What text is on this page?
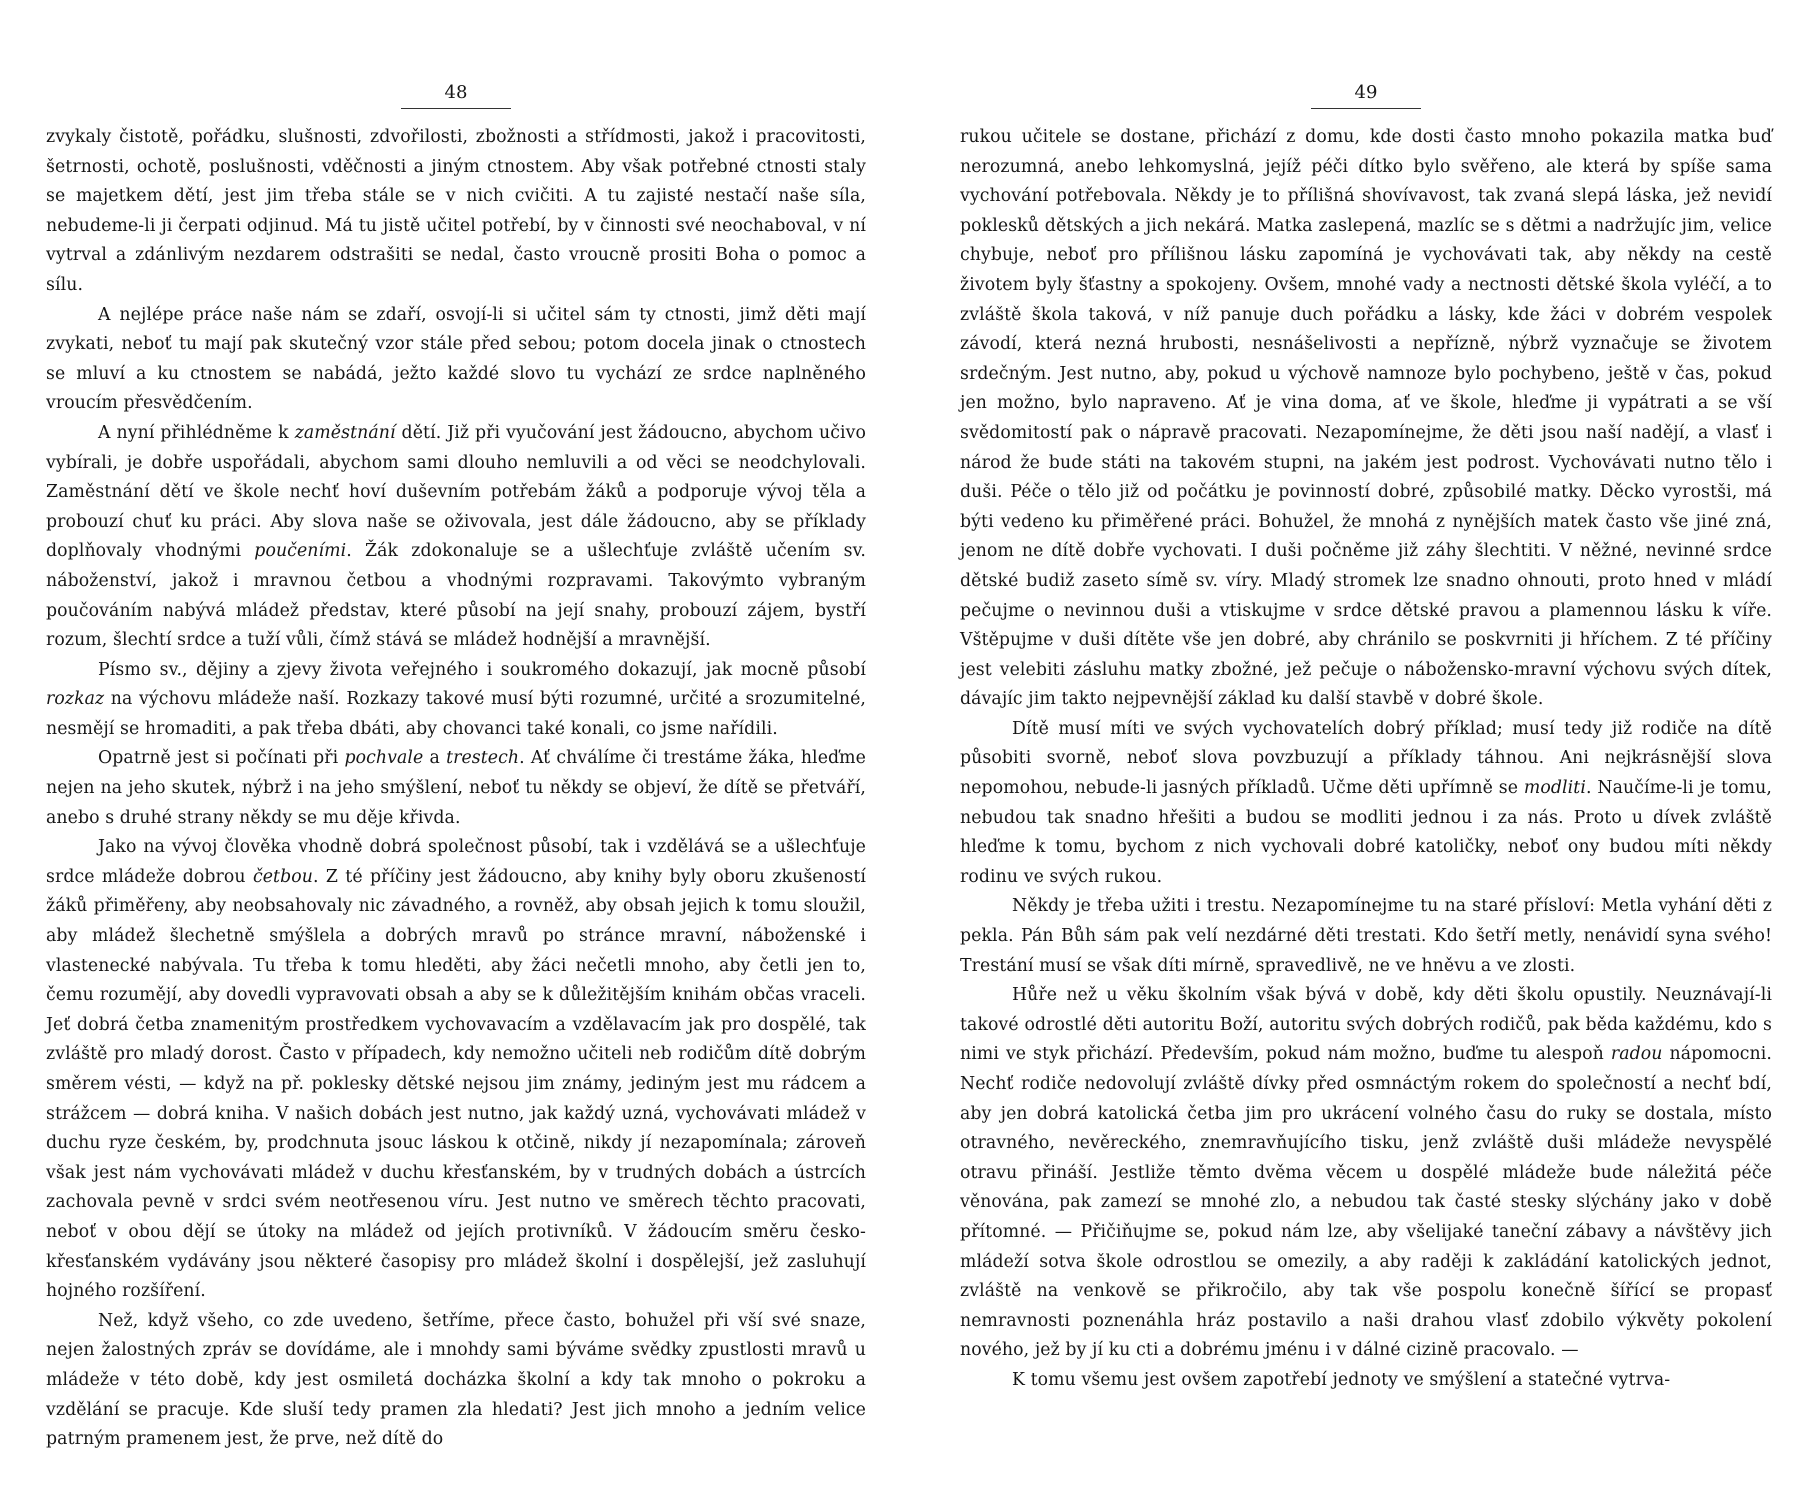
48

zvykaly čistotě, pořádku, slušnosti, zdvořilosti, zbožnosti a střídmosti, jakož i pracovitosti, šetrnosti, ochotě, poslušnosti, vděčnosti a jiným ctnostem. Aby však potřebné ctnosti staly se majetkem dětí, jest jim třeba stále se v nich cvičiti. A tu zajisté nestačí naše síla, nebudeme-li ji čerpati odjinud. Má tu jistě učitel potřebí, by v činnosti své neochaboval, v ní vytrval a zdánlivým nezdarem odstrašiti se nedal, často vroucně prositi Boha o pomoc a sílu.

A nejlépe práce naše nám se zdaří, osvojí-li si učitel sám ty ctnosti, jimž děti mají zvykati, neboť tu mají pak skutečný vzor stále před sebou; potom docela jinak o ctnostech se mluví a ku ctnostem se nabádá, ježto každé slovo tu vychází ze srdce naplněného vroucím přesvědčením.

A nyní přihlédněme k zaměstnání dětí. Již při vyučování jest žádoucno, abychom učivo vybírali, je dobře uspořádali, abychom sami dlouho nemluvili a od věci se neodchylovali. Zaměstnání dětí ve škole nechť hoví duševním potřebám žáků a podporuje vývoj těla a probouzí chuť ku práci. Aby slova naše se oživovala, jest dále žádoucno, aby se příklady doplňovaly vhodnými poučeními. Žák zdokonaluje se a ušlechťuje zvláště učením sv. náboženství, jakož i mravnou četbou a vhodnými rozpravami. Takovýmto vybraným poučováním nabývá mládež představ, které působí na její snahy, probouzí zájem, bystří rozum, šlechtí srdce a tuží vůli, čímž stává se mládež hodnější a mravnější.

Písmo sv., dějiny a zjevy života veřejného i soukromého dokazují, jak mocně působí rozkaz na výchovu mládeže naší. Rozkazy takové musí býti rozumné, určité a srozumitelné, nesmějí se hromaditi, a pak třeba dbáti, aby chovanci také konali, co jsme nařídili.

Opatrně jest si počínati při pochvale a trestech. Ať chválíme či trestáme žáka, hleďme nejen na jeho skutek, nýbrž i na jeho smýšlení, neboť tu někdy se objeví, že dítě se přetváří, anebo s druhé strany někdy se mu děje křivda.

Jako na vývoj člověka vhodně dobrá společnost působí, tak i vzdělává se a ušlechťuje srdce mládeže dobrou četbou. Z té příčiny jest žádoucno, aby knihy byly oboru zkušeností žáků přiměřeny, aby neobsahovaly nic závadného, a rovněž, aby obsah jejich k tomu sloužil, aby mládež šlechetně smýšlela a dobrých mravů po stránce mravní, náboženské i vlastenecké nabývala. Tu třeba k tomu hleděti, aby žáci nečetli mnoho, aby četli jen to, čemu rozumějí, aby dovedli vypravovati obsah a aby se k důležitějším knihám občas vraceli. Jeť dobrá četba znamenitým prostředkem vychovavacím a vzdělavacím jak pro dospělé, tak zvláště pro mladý dorost. Často v případech, kdy nemožno učiteli neb rodičům dítě dobrým směrem vésti, — když na př. poklesky dětské nejsou jim známy, jediným jest mu rádcem a strážcem — dobrá kniha. V našich dobách jest nutno, jak každý uzná, vychovávati mládež v duchu ryze českém, by, prodchnuta jsouc láskou k otčině, nikdy jí nezapomínala; zároveň však jest nám vychovávati mládež v duchu křesťanském, by v trudných dobách a ústrcích zachovala pevně v srdci svém neotřesenou víru. Jest nutno ve směrech těchto pracovati, neboť v obou dějí se útoky na mládež od jejích protivníků. V žádoucím směru česko-křesťanském vydávány jsou některé časopisy pro mládež školní i dospělejší, jež zasluhují hojného rozšíření.

Než, když všeho, co zde uvedeno, šetříme, přece často, bohužel při vší své snaze, nejen žalostných zpráv se dovídáme, ale i mnohdy sami býváme svědky zpustlosti mravů u mládeže v této době, kdy jest osmiletá docházka školní a kdy tak mnoho o pokroku a vzdělání se pracuje. Kde sluší tedy pramen zla hledati? Jest jich mnoho a jedním velice patrným pramenem jest, že prve, než dítě do

49

rukou učitele se dostane, přichází z domu, kde dosti často mnoho pokazila matka buď nerozumná, anebo lehkomyslná, jejíž péči dítko bylo svěřeno, ale která by spíše sama vychování potřebovala. Někdy je to přílišná shovívavost, tak zvaná slepá láska, jež nevidí poklesků dětských a jich nekárá. Matka zaslepená, mazlíc se s dětmi a nadržujíc jim, velice chybuje, neboť pro přílišnou lásku zapomíná je vychovávati tak, aby někdy na cestě životem byly šťastny a spokojeny. Ovšem, mnohé vady a nectnosti dětské škola vyléčí, a to zvláště škola taková, v níž panuje duch pořádku a lásky, kde žáci v dobrém vespolek závodí, která nezná hrubosti, nesnášelivosti a nepřízně, nýbrž vyznačuje se životem srdečným. Jest nutno, aby, pokud u výchově namnoze bylo pochybeno, ještě v čas, pokud jen možno, bylo napraveno. Ať je vina doma, ať ve škole, hleďme ji vypátrati a se vší svědomitostí pak o nápravě pracovati. Nezapomínejme, že děti jsou naší nadějí, a vlasť i národ že bude státi na takovém stupni, na jakém jest podrost. Vychovávati nutno tělo i duši. Péče o tělo již od počátku je povinností dobré, způsobilé matky. Děcko vyrostši, má býti vedeno ku přiměřené práci. Bohužel, že mnohá z nynějších matek často vše jiné zná, jenom ne dítě dobře vychovati. I duši počněme již záhy šlechtiti. V něžné, nevinné srdce dětské budiž zaseto símě sv. víry. Mladý stromek lze snadno ohnouti, proto hned v mládí pečujme o nevinnou duši a vtiskujme v srdce dětské pravou a plamennou lásku k víře. Vštěpujme v duši dítěte vše jen dobré, aby chránilo se poskvrniti ji hříchem. Z té příčiny jest velebiti zásluhu matky zbožné, jež pečuje o nábožensko-mravní výchovu svých dítek, dávajíc jim takto nejpevnější základ ku další stavbě v dobré škole.

Dítě musí míti ve svých vychovatelích dobrý příklad; musí tedy již rodiče na dítě působiti svorně, neboť slova povzbuzují a příklady táhnou. Ani nejkrásnější slova nepomohou, nebude-li jasných příkladů. Učme děti upřímně se modliti. Naučíme-li je tomu, nebudou tak snadno hřešiti a budou se modliti jednou i za nás. Proto u dívek zvláště hleďme k tomu, bychom z nich vychovali dobré katoličky, neboť ony budou míti někdy rodinu ve svých rukou.

Někdy je třeba užiti i trestu. Nezapomínejme tu na staré přísloví: Metla vyhání děti z pekla. Pán Bůh sám pak velí nezdárné děti trestati. Kdo šetří metly, nenávidí syna svého! Trestání musí se však díti mírně, spravedlivě, ne ve hněvu a ve zlosti.

Hůře než u věku školním však bývá v době, kdy děti školu opustily. Neuznávají-li takové odrostlé děti autoritu Boží, autoritu svých dobrých rodičů, pak běda každému, kdo s nimi ve styk přichází. Především, pokud nám možno, buďme tu alespoň radou nápomocni. Nechť rodiče nedovolují zvláště dívky před osmnáctým rokem do společností a nechť bdí, aby jen dobrá katolická četba jim pro ukrácení volného času do ruky se dostala, místo otravného, nevěreckého, znemravňujícího tisku, jenž zvláště duši mládeže nevyspělé otravu přináší. Jestliže těmto dvěma věcem u dospělé mládeže bude náležitá péče věnována, pak zamezí se mnohé zlo, a nebudou tak časté stesky slýchány jako v době přítomné. — Přičiňujme se, pokud nám lze, aby všelijaké taneční zábavy a návštěvy jich mládeží sotva škole odrostlou se omezily, a aby raději k zakládání katolických jednot, zvláště na venkově se přikročilo, aby tak vše pospolu konečně šířící se propasť nemravnosti poznenáhla hráz postavilo a naši drahou vlasť zdobilo výkvěty pokolení nového, jež by jí ku cti a dobrému jménu i v dálné cizině pracovalo. —

K tomu všemu jest ovšem zapotřebí jednoty ve smýšlení a statečné vytrva-
